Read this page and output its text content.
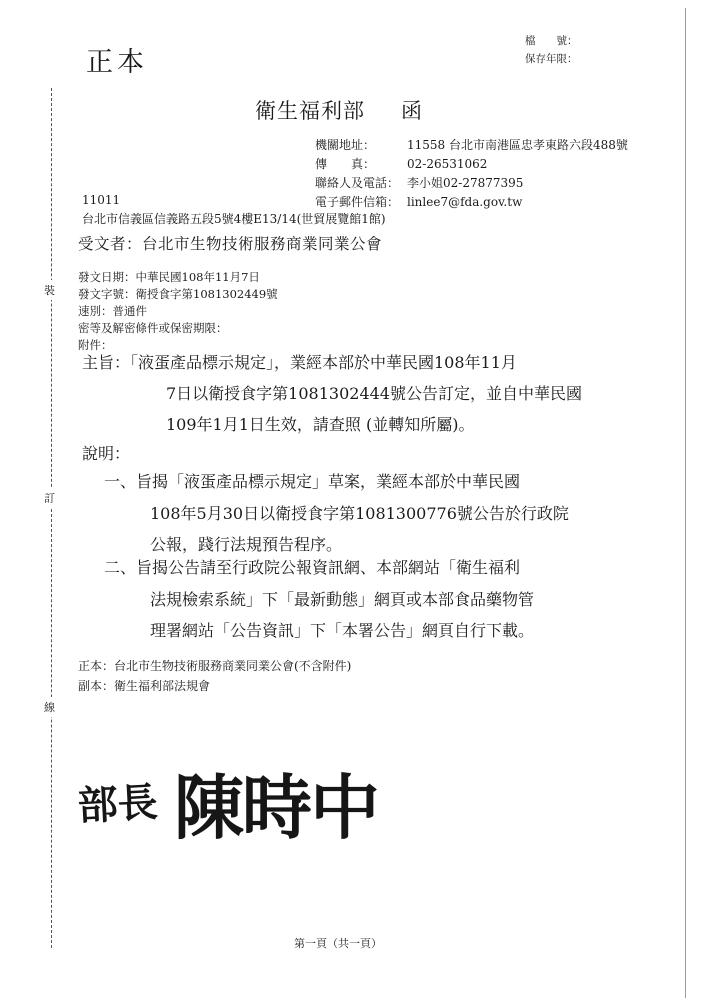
裝
訂
線
正本
檔　　號：
保存年限：
衛生福利部 函
機關地址：	11558 台北市南港區忠孝東路六段488號
傳　　真：	02-26531062
聯絡人及電話： 李小姐02-27877395
電子郵件信箱： linlee7@fda.gov.tw
11011
台北市信義區信義路五段5號4樓E13/14(世貿展覽館1館)
受文者：台北市生物技術服務商業同業公會
發文日期：中華民國108年11月7日
發文字號：衛授食字第1081302449號
速別：普通件
密等及解密條件或保密期限：
附件：
主旨：「液蛋產品標示規定」，業經本部於中華民國108年11月
7日以衛授食字第1081302444號公告訂定，並自中華民國
109年1月1日生效，請查照 (並轉知所屬)。
說明：
一、旨揭「液蛋產品標示規定」草案，業經本部於中華民國
108年5月30日以衛授食字第1081300776號公告於行政院
公報，踐行法規預告程序。
二、旨揭公告請至行政院公報資訊網、本部網站「衛生福利
法規檢索系統」下「最新動態」網頁或本部食品藥物管
理署網站「公告資訊」下「本署公告」網頁自行下載。
正本：台北市生物技術服務商業同業公會(不含附件)
副本：衛生福利部法規會
部長 陳時中
第一頁（共一頁）
